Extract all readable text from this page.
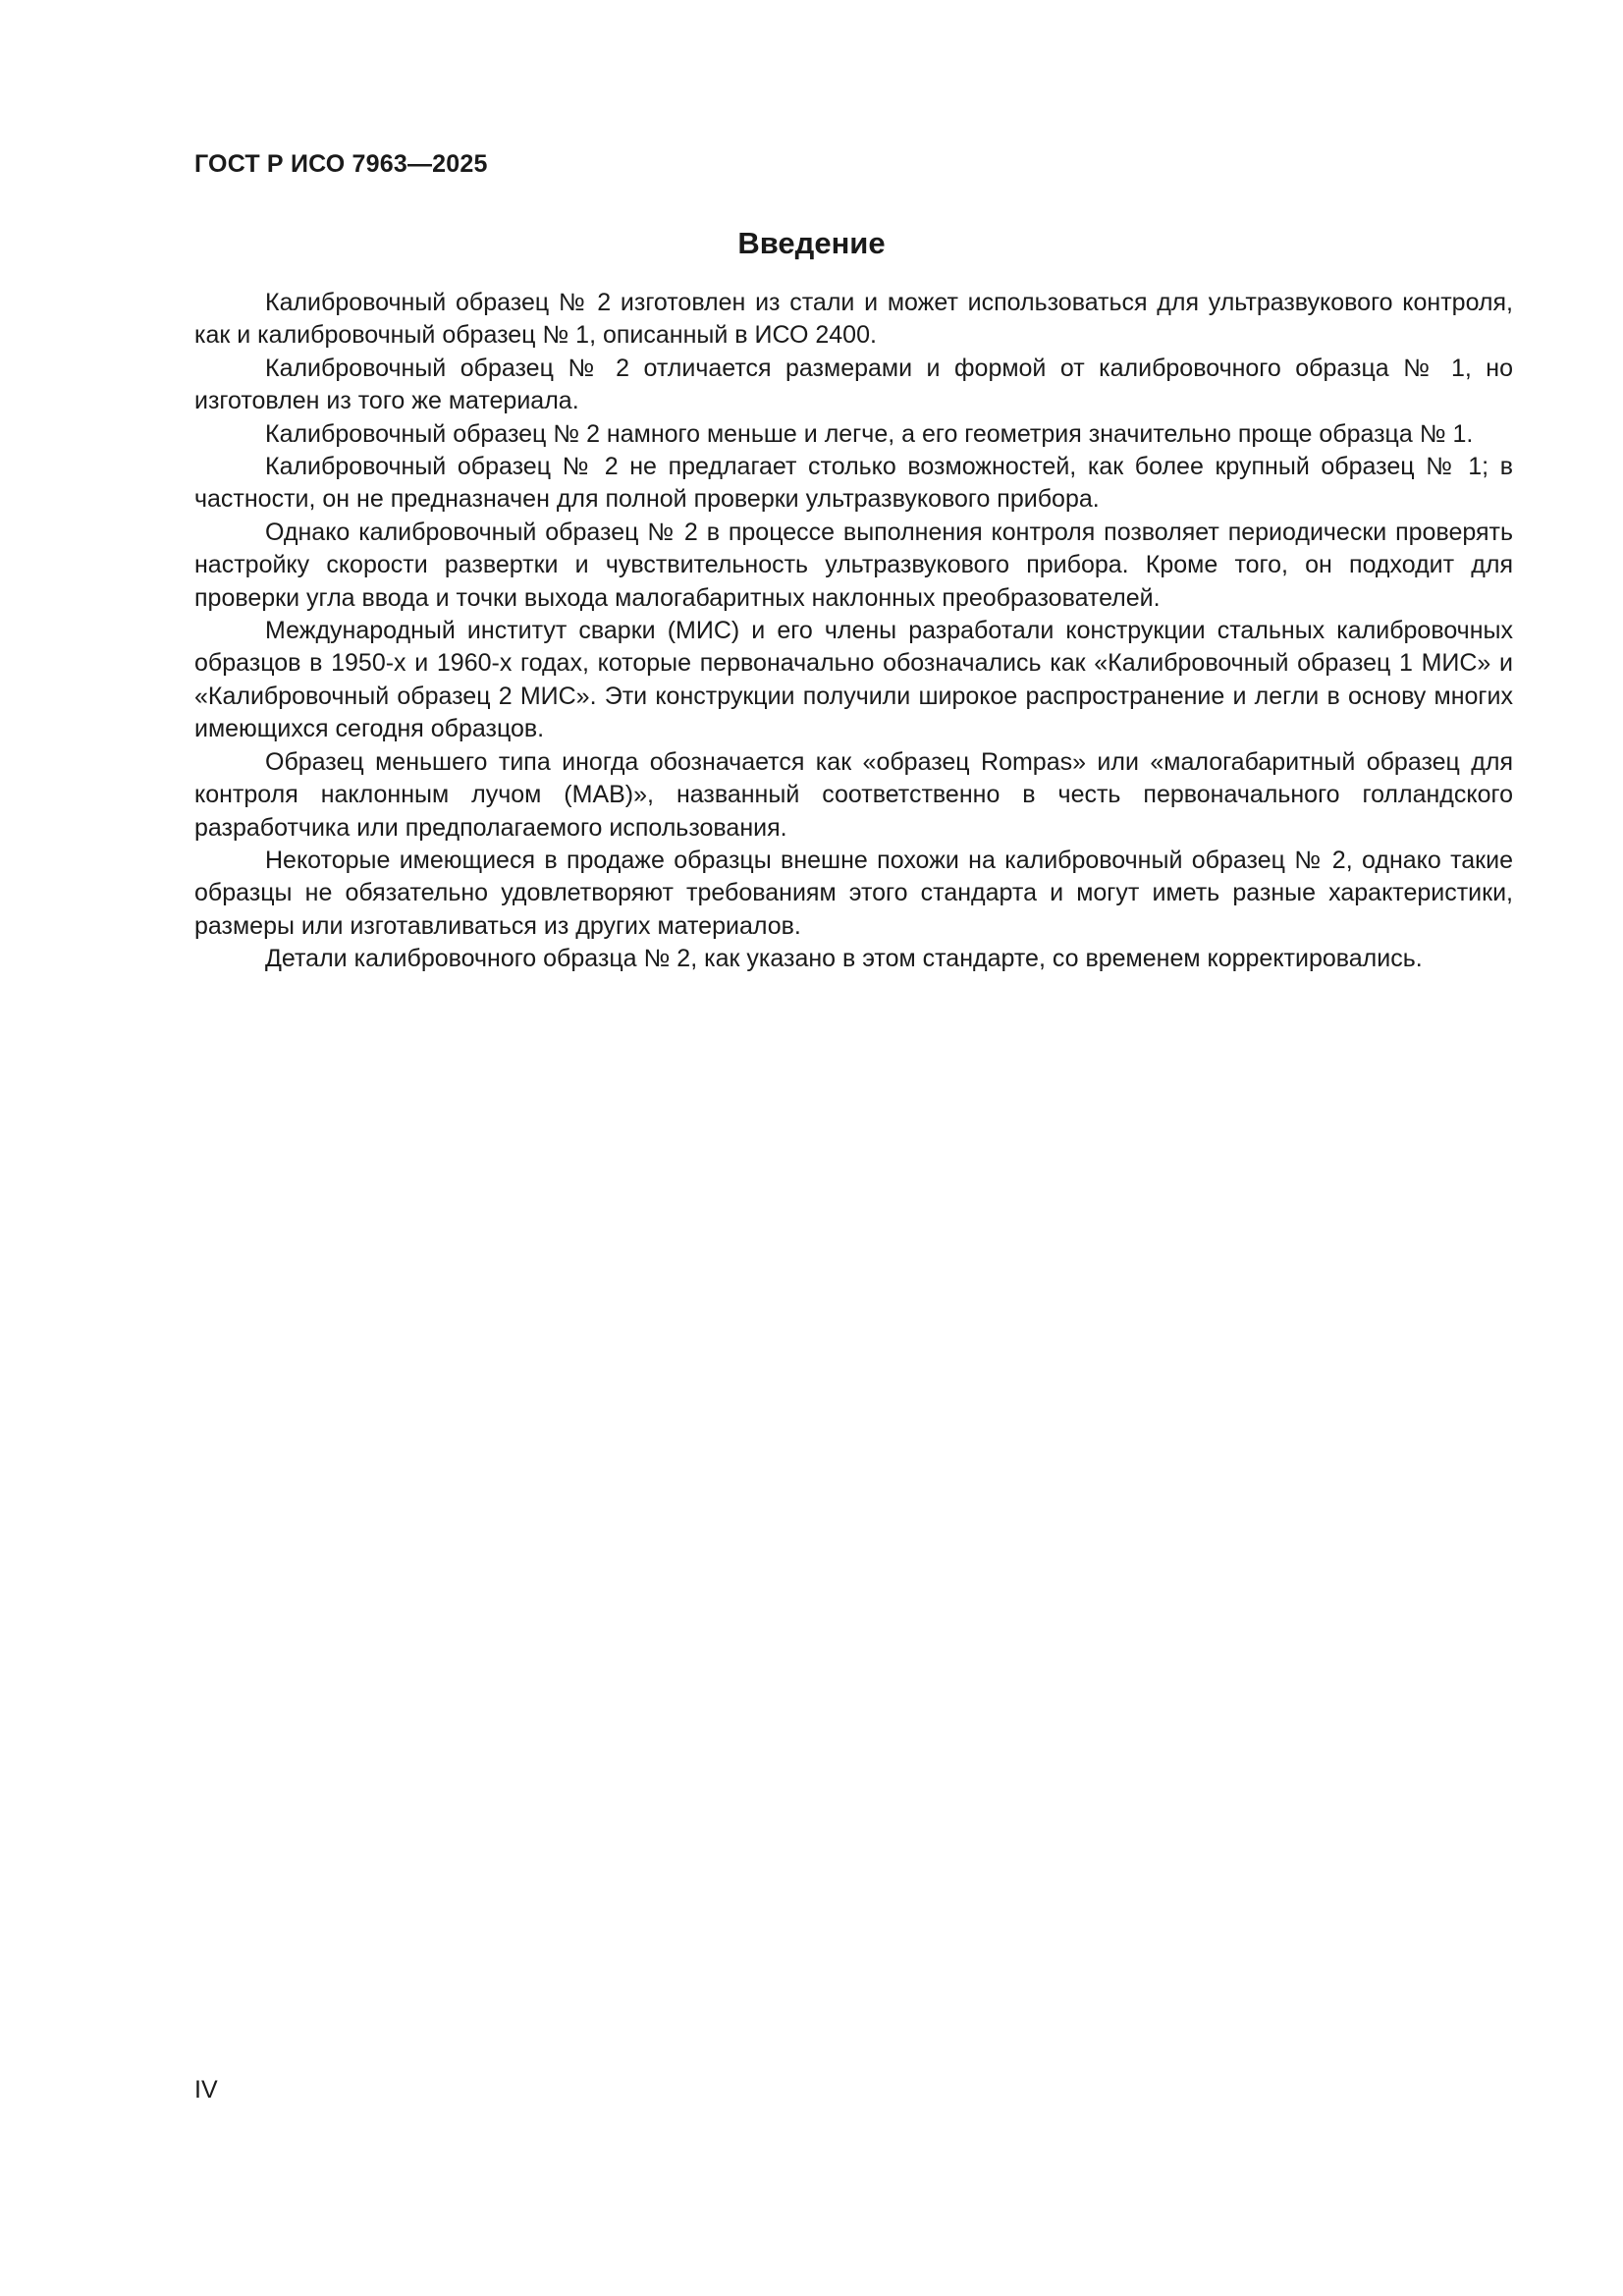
ГОСТ Р ИСО 7963—2025
Введение

Калибровочный образец № 2 изготовлен из стали и может использоваться для ультразвукового контроля, как и калибровочный образец № 1, описанный в ИСО 2400.

Калибровочный образец № 2 отличается размерами и формой от калибровочного образца № 1, но изготовлен из того же материала.

Калибровочный образец № 2 намного меньше и легче, а его геометрия значительно проще образца № 1.

Калибровочный образец № 2 не предлагает столько возможностей, как более крупный образец № 1; в частности, он не предназначен для полной проверки ультразвукового прибора.

Однако калибровочный образец № 2 в процессе выполнения контроля позволяет периодически проверять настройку скорости развертки и чувствительность ультразвукового прибора. Кроме того, он подходит для проверки угла ввода и точки выхода малогабаритных наклонных преобразователей.

Международный институт сварки (МИС) и его члены разработали конструкции стальных калибровочных образцов в 1950-х и 1960-х годах, которые первоначально обозначались как «Калибровочный образец 1 МИС» и «Калибровочный образец 2 МИС». Эти конструкции получили широкое распространение и легли в основу многих имеющихся сегодня образцов.

Образец меньшего типа иногда обозначается как «образец Rompas» или «малогабаритный образец для контроля наклонным лучом (MAB)», названный соответственно в честь первоначального голландского разработчика или предполагаемого использования.

Некоторые имеющиеся в продаже образцы внешне похожи на калибровочный образец № 2, однако такие образцы не обязательно удовлетворяют требованиям этого стандарта и могут иметь разные характеристики, размеры или изготавливаться из других материалов.

Детали калибровочного образца № 2, как указано в этом стандарте, со временем корректировались.

IV
